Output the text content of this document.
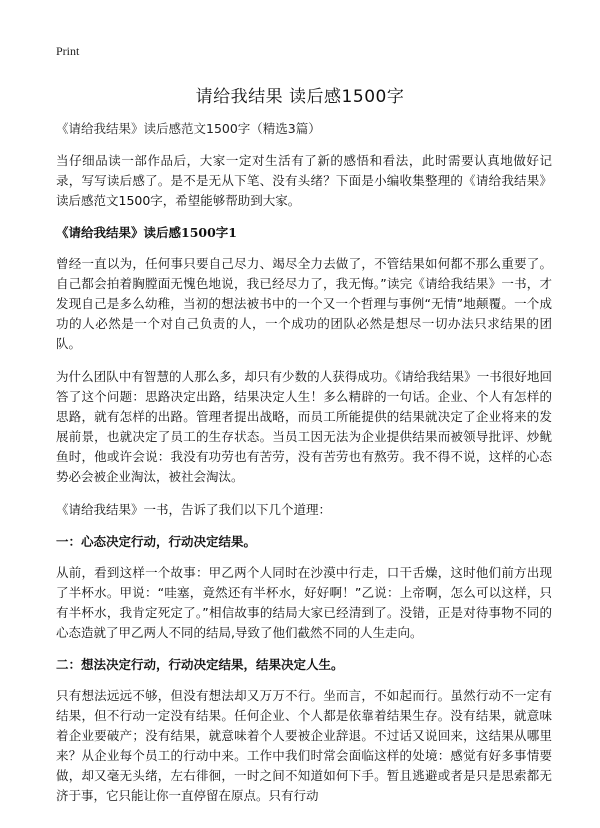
Print
请给我结果 读后感1500字
《请给我结果》读后感范文1500字（精选3篇）

当仔细品读一部作品后，大家一定对生活有了新的感悟和看法，此时需要认真地做好记录，写写读后感了。是不是无从下笔、没有头绪？下面是小编收集整理的《请给我结果》读后感范文1500字，希望能够帮助到大家。

《请给我结果》读后感1500字1

曾经一直以为，任何事只要自己尽力、竭尽全力去做了，不管结果如何都不那么重要了。自己都会拍着胸膛面无愧色地说，我已经尽力了，我无悔。”读完《请给我结果》一书，才发现自己是多么幼稚，当初的想法被书中的一个又一个哲理与事例“无情”地颠覆。一个成功的人必然是一个对自己负责的人，一个成功的团队必然是想尽一切办法只求结果的团队。

为什么团队中有智慧的人那么多，却只有少数的人获得成功。《请给我结果》一书很好地回答了这个问题：思路决定出路，结果决定人生！多么精辟的一句话。企业、个人有怎样的思路，就有怎样的出路。管理者提出战略，而员工所能提供的结果就决定了企业将来的发展前景，也就决定了员工的生存状态。当员工因无法为企业提供结果而被领导批评、炒鱿鱼时，他或许会说：我没有功劳也有苦劳，没有苦劳也有熬劳。我不得不说，这样的心态势必会被企业淘汰，被社会淘汰。

《请给我结果》一书，告诉了我们以下几个道理：

一：心态决定行动，行动决定结果。

从前，看到这样一个故事：甲乙两个人同时在沙漠中行走，口干舌燥，这时他们前方出现了半杯水。甲说：“哇塞，竟然还有半杯水，好好啊！”乙说：上帝啊，怎么可以这样，只有半杯水，我肯定死定了。”相信故事的结局大家已经清到了。没错，正是对待事物不同的心态造就了甲乙两人不同的结局,导致了他们截然不同的人生走向。

二：想法决定行动，行动决定结果，结果决定人生。

只有想法远远不够，但没有想法却又万万不行。坐而言，不如起而行。虽然行动不一定有结果，但不行动一定没有结果。任何企业、个人都是依靠着结果生存。没有结果，就意味着企业要破产；没有结果，就意味着个人要被企业辞退。不过话又说回来，这结果从哪里来？从企业每个员工的行动中来。工作中我们时常会面临这样的处境：感觉有好多事情要做，却又毫无头绪，左右徘徊，一时之间不知道如何下手。暂且逃避或者是只是思索都无济于事，它只能让你一直停留在原点。只有行动
